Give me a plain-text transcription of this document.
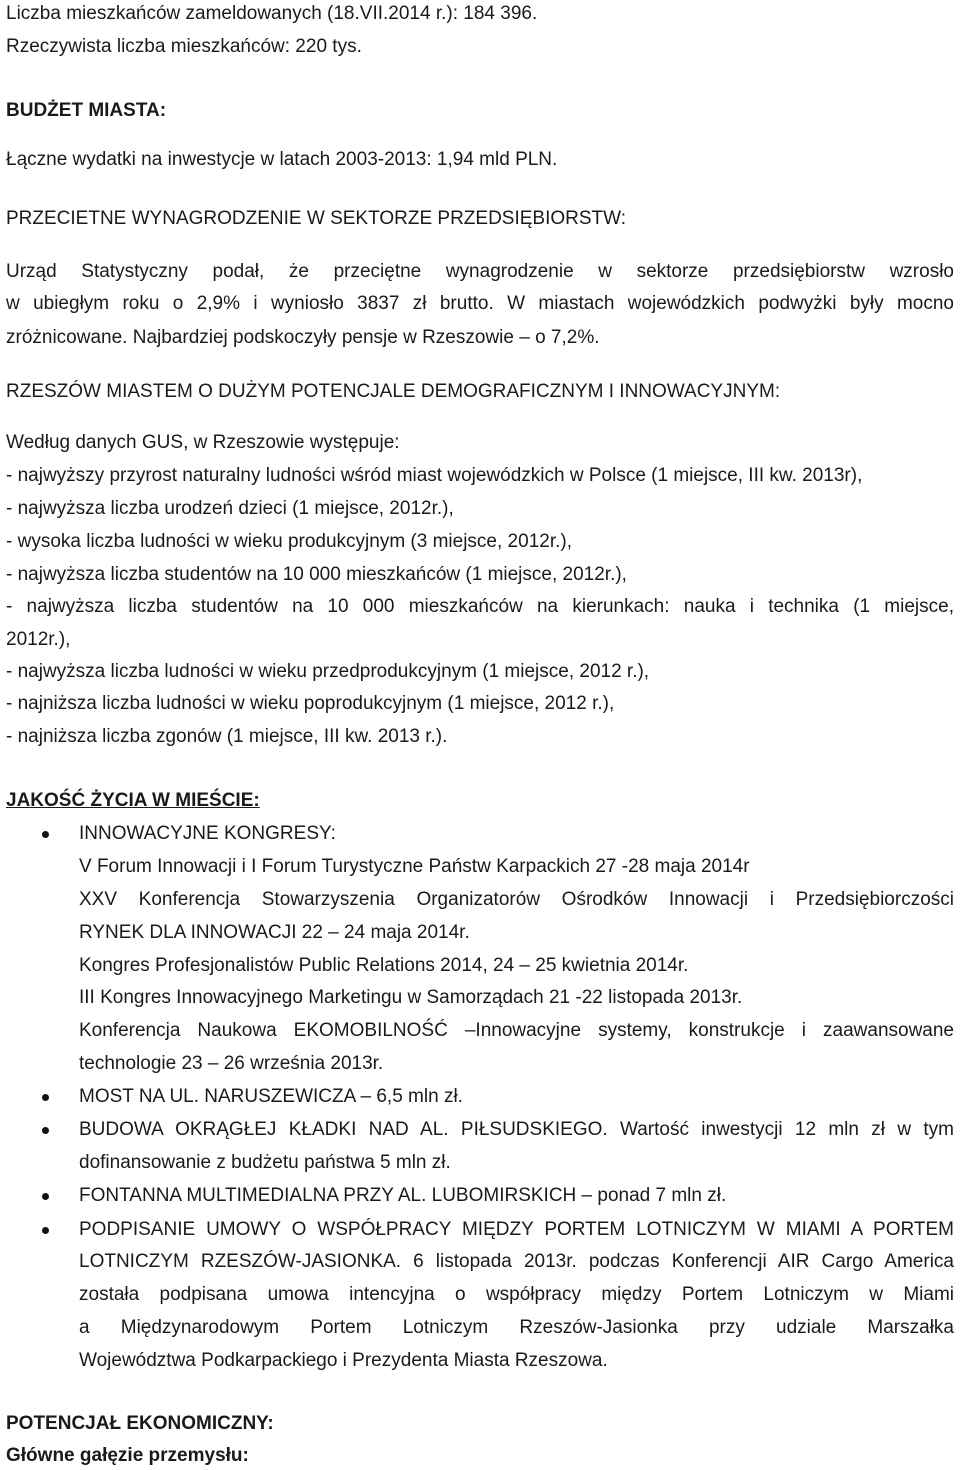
Liczba mieszkańców zameldowanych (18.VII.2014 r.): 184 396.
Rzeczywista liczba mieszkańców: 220 tys.
BUDŻET MIASTA:
Łączne wydatki na inwestycje w latach 2003-2013: 1,94 mld PLN.
PRZECIETNE WYNAGRODZENIE W SEKTORZE PRZEDSIĘBIORSTW:
Urząd Statystyczny podał, że przeciętne wynagrodzenie w sektorze przedsiębiorstw wzrosło
w ubiegłym roku o 2,9% i wyniosło 3837 zł brutto. W miastach wojewódzkich podwyżki były mocno
zróżnicowane. Najbardziej podskoczyły pensje w Rzeszowie – o 7,2%.
RZESZÓW MIASTEM O DUŻYM POTENCJALE DEMOGRAFICZNYM I INNOWACYJNYM:
Według danych GUS, w Rzeszowie występuje:
- najwyższy przyrost naturalny ludności wśród miast wojewódzkich w Polsce (1 miejsce, III kw. 2013r),
- najwyższa liczba urodzeń dzieci (1 miejsce, 2012r.),
- wysoka liczba ludności w wieku produkcyjnym (3 miejsce, 2012r.),
- najwyższa liczba studentów na 10 000 mieszkańców (1 miejsce, 2012r.),
- najwyższa liczba studentów na 10 000 mieszkańców na kierunkach: nauka i technika (1 miejsce,
2012r.),
- najwyższa liczba ludności w wieku przedprodukcyjnym (1 miejsce, 2012 r.),
- najniższa liczba ludności w wieku poprodukcyjnym (1 miejsce, 2012 r.),
- najniższa liczba zgonów (1 miejsce, III kw. 2013 r.).
JAKOŚĆ ŻYCIA W MIEŚCIE:
INNOWACYJNE KONGRESY:
V Forum Innowacji i I Forum Turystyczne Państw Karpackich 27 -28 maja 2014r
XXV Konferencja Stowarzyszenia Organizatorów Ośrodków Innowacji i Przedsiębiorczości
RYNEK DLA INNOWACJI 22 – 24 maja 2014r.
Kongres Profesjonalistów Public Relations 2014, 24 – 25 kwietnia 2014r.
III Kongres Innowacyjnego Marketingu w Samorządach 21 -22 listopada 2013r.
Konferencja Naukowa EKOMOBILNOŚĆ –Innowacyjne systemy, konstrukcje i zaawansowane
technologie 23 – 26 września 2013r.
MOST NA UL. NARUSZEWICZA – 6,5 mln zł.
BUDOWA OKRĄGŁEJ KŁADKI NAD AL. PIŁSUDSKIEGO. Wartość inwestycji 12 mln zł w tym
dofinansowanie z budżetu państwa 5 mln zł.
FONTANNA MULTIMEDIALNA PRZY AL. LUBOMIRSKICH – ponad 7 mln zł.
PODPISANIE UMOWY O WSPÓŁPRACY MIĘDZY PORTEM LOTNICZYM W MIAMI A PORTEM
LOTNICZYM RZESZÓW-JASIONKA. 6 listopada 2013r. podczas Konferencji AIR Cargo America
została podpisana umowa intencyjna o współpracy między Portem Lotniczym w Miami
a Międzynarodowym Portem Lotniczym Rzeszów-Jasionka przy udziale Marszałka
Województwa Podkarpackiego i Prezydenta Miasta Rzeszowa.
POTENCJAŁ EKONOMICZNY:
Główne gałęzie przemysłu:
